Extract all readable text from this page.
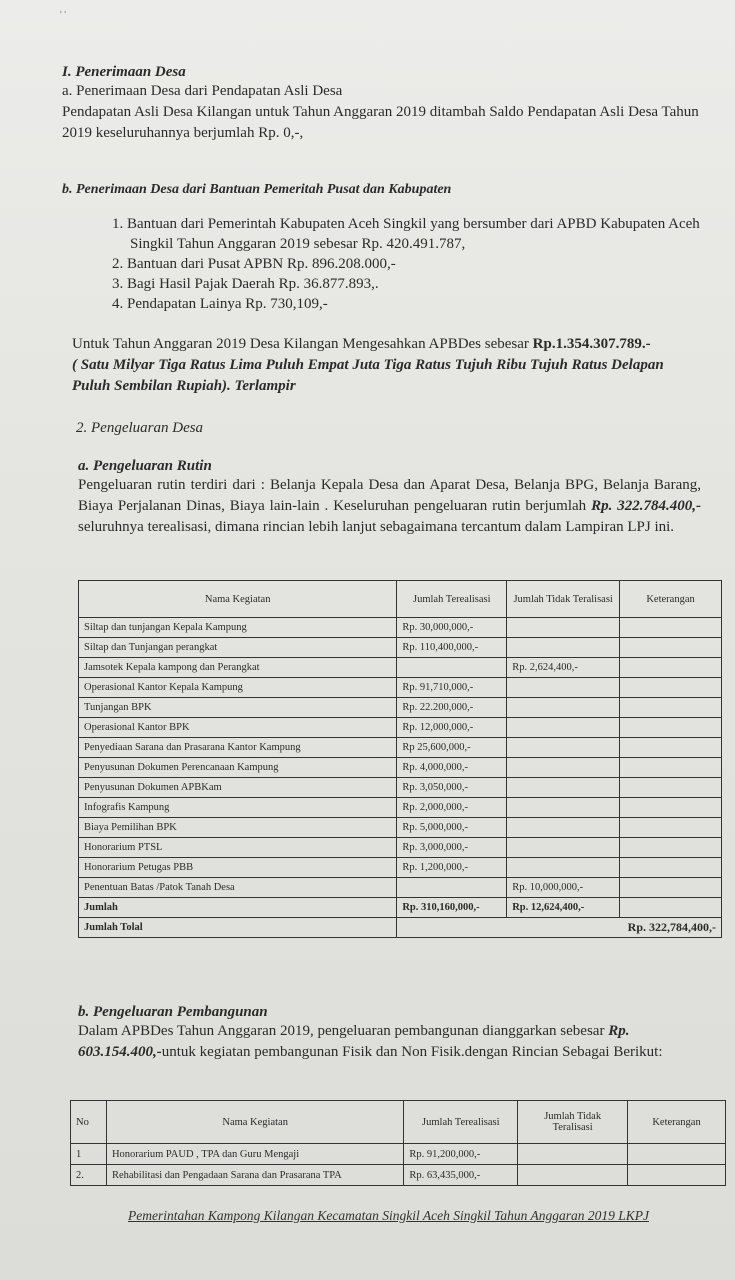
' '
I. Penerimaan Desa

a. Penerimaan Desa dari Pendapatan Asli Desa

Pendapatan Asli Desa Kilangan untuk Tahun Anggaran 2019 ditambah Saldo Pendapatan Asli Desa Tahun 2019 keseluruhannya berjumlah Rp. 0,-,

b. Penerimaan Desa dari Bantuan Pemeritah Pusat dan Kabupaten
1. Bantuan dari Pemerintah Kabupaten Aceh Singkil yang bersumber dari APBD Kabupaten Aceh Singkil Tahun Anggaran 2019 sebesar Rp. 420.491.787,
2. Bantuan dari Pusat APBN Rp. 896.208.000,-
3. Bagi Hasil Pajak Daerah Rp. 36.877.893,.
4. Pendapatan Lainya Rp. 730,109,-

Untuk Tahun Anggaran 2019 Desa Kilangan Mengesahkan APBDes sebesar Rp.1.354.307.789.-

( Satu Milyar Tiga Ratus Lima Puluh Empat Juta Tiga Ratus Tujuh Ribu Tujuh Ratus Delapan Puluh Sembilan Rupiah). Terlampir

2. Pengeluaran Desa

a. Pengeluaran Rutin

Pengeluaran rutin terdiri dari : Belanja Kepala Desa dan Aparat Desa, Belanja BPG, Belanja Barang, Biaya Perjalanan Dinas, Biaya lain-lain . Keseluruhan pengeluaran rutin berjumlah Rp. 322.784.400,- seluruhnya terealisasi, dimana rincian lebih lanjut sebagaimana tercantum dalam Lampiran LPJ ini.

Nama Kegiatan	Jumlah Terealisasi	Jumlah Tidak Teralisasi	Keterangan
Siltap dan tunjangan Kepala Kampung	Rp. 30,000,000,-		
Siltap dan Tunjangan perangkat	Rp. 110,400,000,-		
Jamsotek Kepala kampong dan Perangkat		Rp. 2,624,400,-	
Operasional Kantor Kepala Kampung	Rp. 91,710,000,-		
Tunjangan BPK	Rp. 22.200,000,-		
Operasional Kantor BPK	Rp. 12,000,000,-		
Penyediaan Sarana dan Prasarana Kantor Kampung	Rp 25,600,000,-		
Penyusunan Dokumen Perencanaan Kampung	Rp. 4,000,000,-		
Penyusunan Dokumen APBKam	Rp. 3,050,000,-		
Infografis Kampung	Rp. 2,000,000,-		
Biaya Pemilihan BPK	Rp. 5,000,000,-		
Honorarium PTSL	Rp. 3,000,000,-		
Honorarium Petugas PBB	Rp. 1,200,000,-		
Penentuan Batas /Patok Tanah Desa		Rp. 10,000,000,-	
Jumlah	Rp. 310,160,000,-	Rp. 12,624,400,-	
Jumlah Tolal	Rp. 322,784,400,-		
b. Pengeluaran Pembangunan

Dalam APBDes Tahun Anggaran 2019, pengeluaran pembangunan dianggarkan sebesar Rp. 603.154.400,-untuk kegiatan pembangunan Fisik dan Non Fisik.dengan Rincian Sebagai Berikut:

No	Nama Kegiatan	Jumlah Terealisasi	Jumlah Tidak Teralisasi	Keterangan
1	Honorarium PAUD , TPA dan Guru Mengaji	Rp. 91,200,000,-		
2.	Rehabilitasi dan Pengadaan Sarana dan Prasarana TPA	Rp. 63,435,000,-		
Pemerintahan Kampong Kilangan Kecamatan Singkil Aceh Singkil Tahun Anggaran 2019 LKPJ
